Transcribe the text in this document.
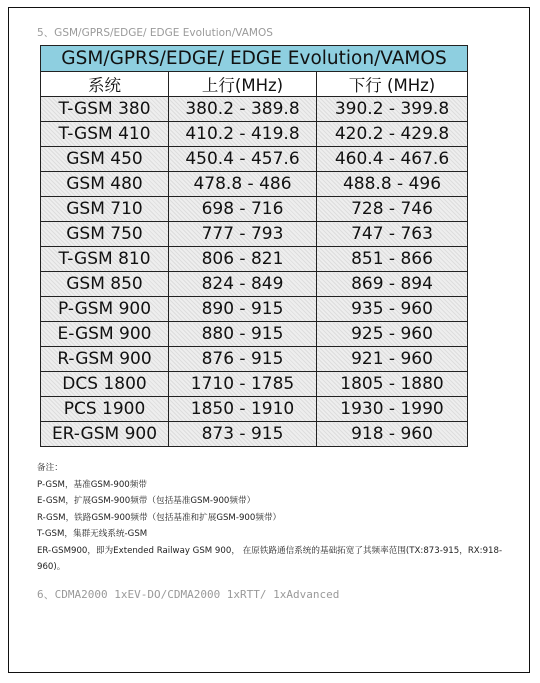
5、GSM/GPRS/EDGE/ EDGE Evolution/VAMOS
GSM/GPRS/EDGE/ EDGE Evolution/VAMOS		
系统	上行(MHz)	下行 (MHz)
T-GSM 380	380.2 - 389.8	390.2 - 399.8
T-GSM 410	410.2 - 419.8	420.2 - 429.8
GSM 450	450.4 - 457.6	460.4 - 467.6
GSM 480	478.8 - 486	488.8 - 496
GSM 710	698 - 716	728 - 746
GSM 750	777 - 793	747 - 763
T-GSM 810	806 - 821	851 - 866
GSM 850	824 - 849	869 - 894
P-GSM 900	890 - 915	935 - 960
E-GSM 900	880 - 915	925 - 960
R-GSM 900	876 - 915	921 - 960
DCS 1800	1710 - 1785	1805 - 1880
PCS 1900	1850 - 1910	1930 - 1990
ER-GSM 900	873 - 915	918 - 960
备注：
P-GSM，基准GSM-900频带
E-GSM，扩展GSM-900频带（包括基准GSM-900频带）
R-GSM，铁路GSM-900频带（包括基准和扩展GSM-900频带）
T-GSM，集群无线系统-GSM
ER-GSM900，即为Extended Railway GSM 900， 在原铁路通信系统的基础拓宽了其频率范围(TX:873-915，RX:918-960)。
6、CDMA2000 1xEV-DO/CDMA2000 1xRTT/ 1xAdvanced
